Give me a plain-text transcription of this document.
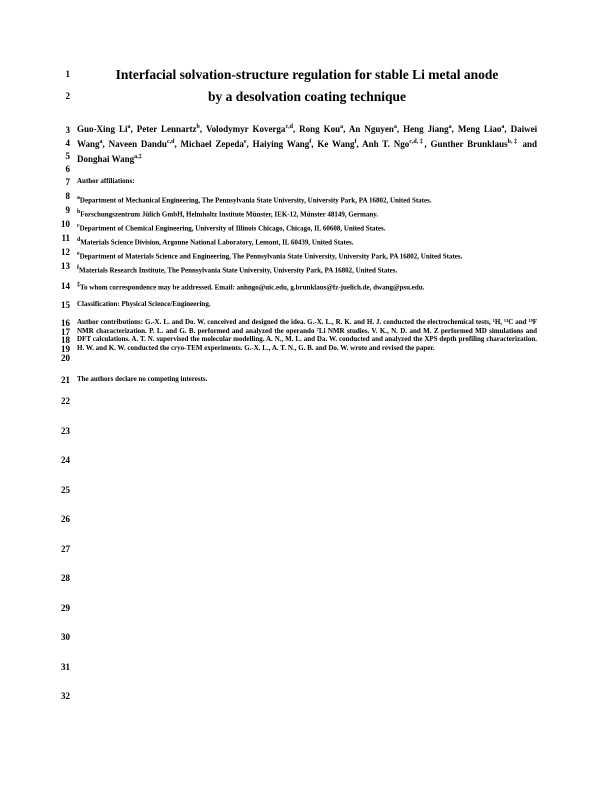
1
2
3
4
5
6
7
8
9
10
11
12
13
14
15
16
17
18
19
20
21
22
23
24
25
26
27
28
29
30
31
32

Interfacial solvation-structure regulation for stable Li metal anode

by a desolvation coating technique

Guo-Xing Li$^a$, Peter Lennartz$^b$, Volodymyr Koverga$^{c,d}$, Rong Kou$^a$, An Nguyen$^a$, Heng Jiang$^a$, Meng Liao$^a$, Daiwei Wang$^a$, Naveen Dandu$^{c,d}$, Michael Zepeda$^e$, Haiying Wang$^f$, Ke Wang$^f$, Anh T. Ngo$^{c,d,\ddagger}$, Gunther Brunklaus$^{b,\ddagger}$ and Donghai Wang$^{a,\ddagger}$

Author affiliations:

$^a$Department of Mechanical Engineering, The Pennsylvania State University, University Park, PA 16802, United States.
$^b$Forschungszentrum Jülich GmbH, Helmholtz Institute Münster, IEK-12, Münster 48149, Germany.
$^c$Department of Chemical Engineering, University of Illinois Chicago, Chicago, IL 60608, United States.
$^d$Materials Science Division, Argonne National Laboratory, Lemont, IL 60439, United States.
$^e$Department of Materials Science and Engineering, The Pennsylvania State University, University Park, PA 16802, United States.
$^f$Materials Research Institute, The Pennsylvania State University, University Park, PA 16802, United States.

‡To whom correspondence may be addressed. Email: anhngo@uic.edu, g.brunklaus@fz-juelich.de, dwang@psu.edu.

Classification: Physical Science/Engineering.

Author contributions: G.-X. L. and Do. W. conceived and designed the idea. G.-X. L., R. K. and H. J. conducted the electrochemical tests, ¹H, ¹³C and ¹⁹F NMR characterization. P. L. and G. B. performed and analyzed the operando ⁷Li NMR studies. V. K., N. D. and M. Z performed MD simulations and DFT calculations. A. T. N. supervised the molecular modelling. A. N., M. L. and Da. W. conducted and analyzed the XPS depth profiling characterization. H. W. and K. W. conducted the cryo-TEM experiments. G.-X. L., A. T. N., G. B. and Do. W. wrote and revised the paper.

The authors declare no competing interests.
